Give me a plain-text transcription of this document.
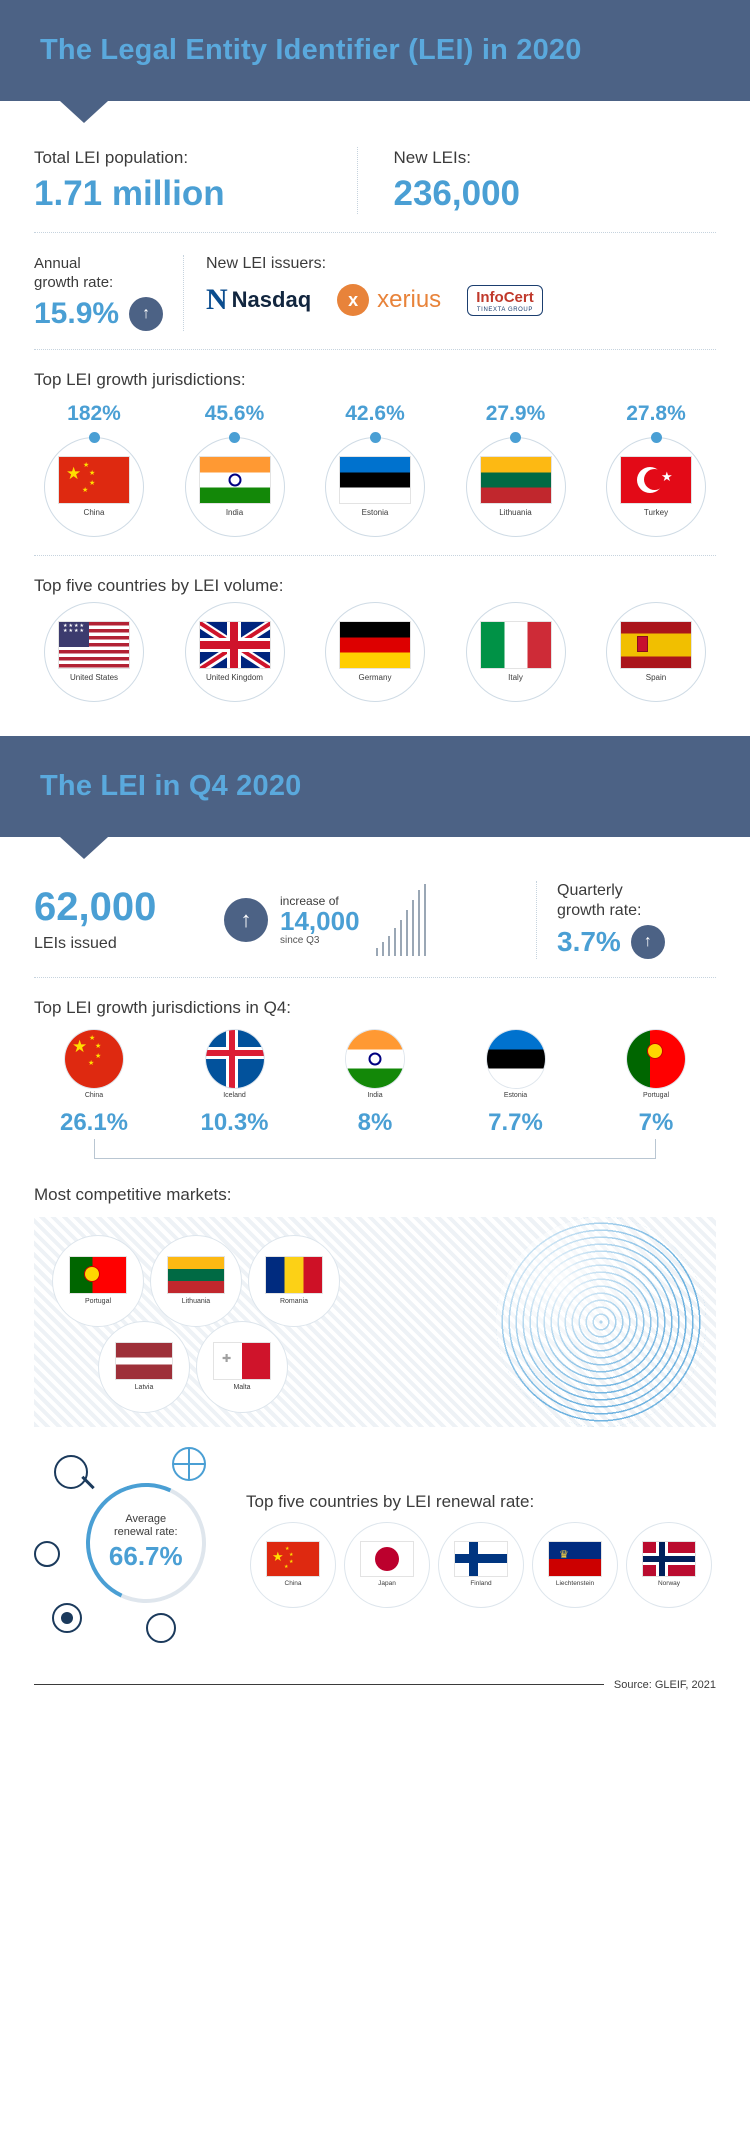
The Legal Entity Identifier (LEI) in 2020
Total LEI population:
1.71 million
New LEIs:
236,000
Annual
growth rate:
15.9%	↑
New LEI issuers:
N Nasdaq	x xerius InfoCert
TINEXTA GROUP
Top LEI growth jurisdictions:
182%
★ ★
★
★
★
China
45.6%
India
42.6%
Estonia
27.9%
Lithuania
27.8%
★
Turkey
Top five countries by LEI volume:
★★★★
★★★★
United States	United Kingdom	Germany	Italy	Spain
The LEI in Q4 2020
62,000
LEIs issued
↑
increase of
14,000
since Q3
Quarterly
growth rate:
3.7%	↑
Top LEI growth jurisdictions in Q4:
★ ★
★
★
★
China
26.1%
Iceland
10.3%
India
8%
Estonia
7.7%
Portugal
7%
Most competitive markets:
Portugal	Lithuania	Romania
Latvia
✚
Malta
Average
renewal rate:
66.7%
Top five countries by LEI renewal rate:
★ ★
★
★
★
China	Japan	Finland
♛
Liechtenstein	Norway
Source: GLEIF, 2021
